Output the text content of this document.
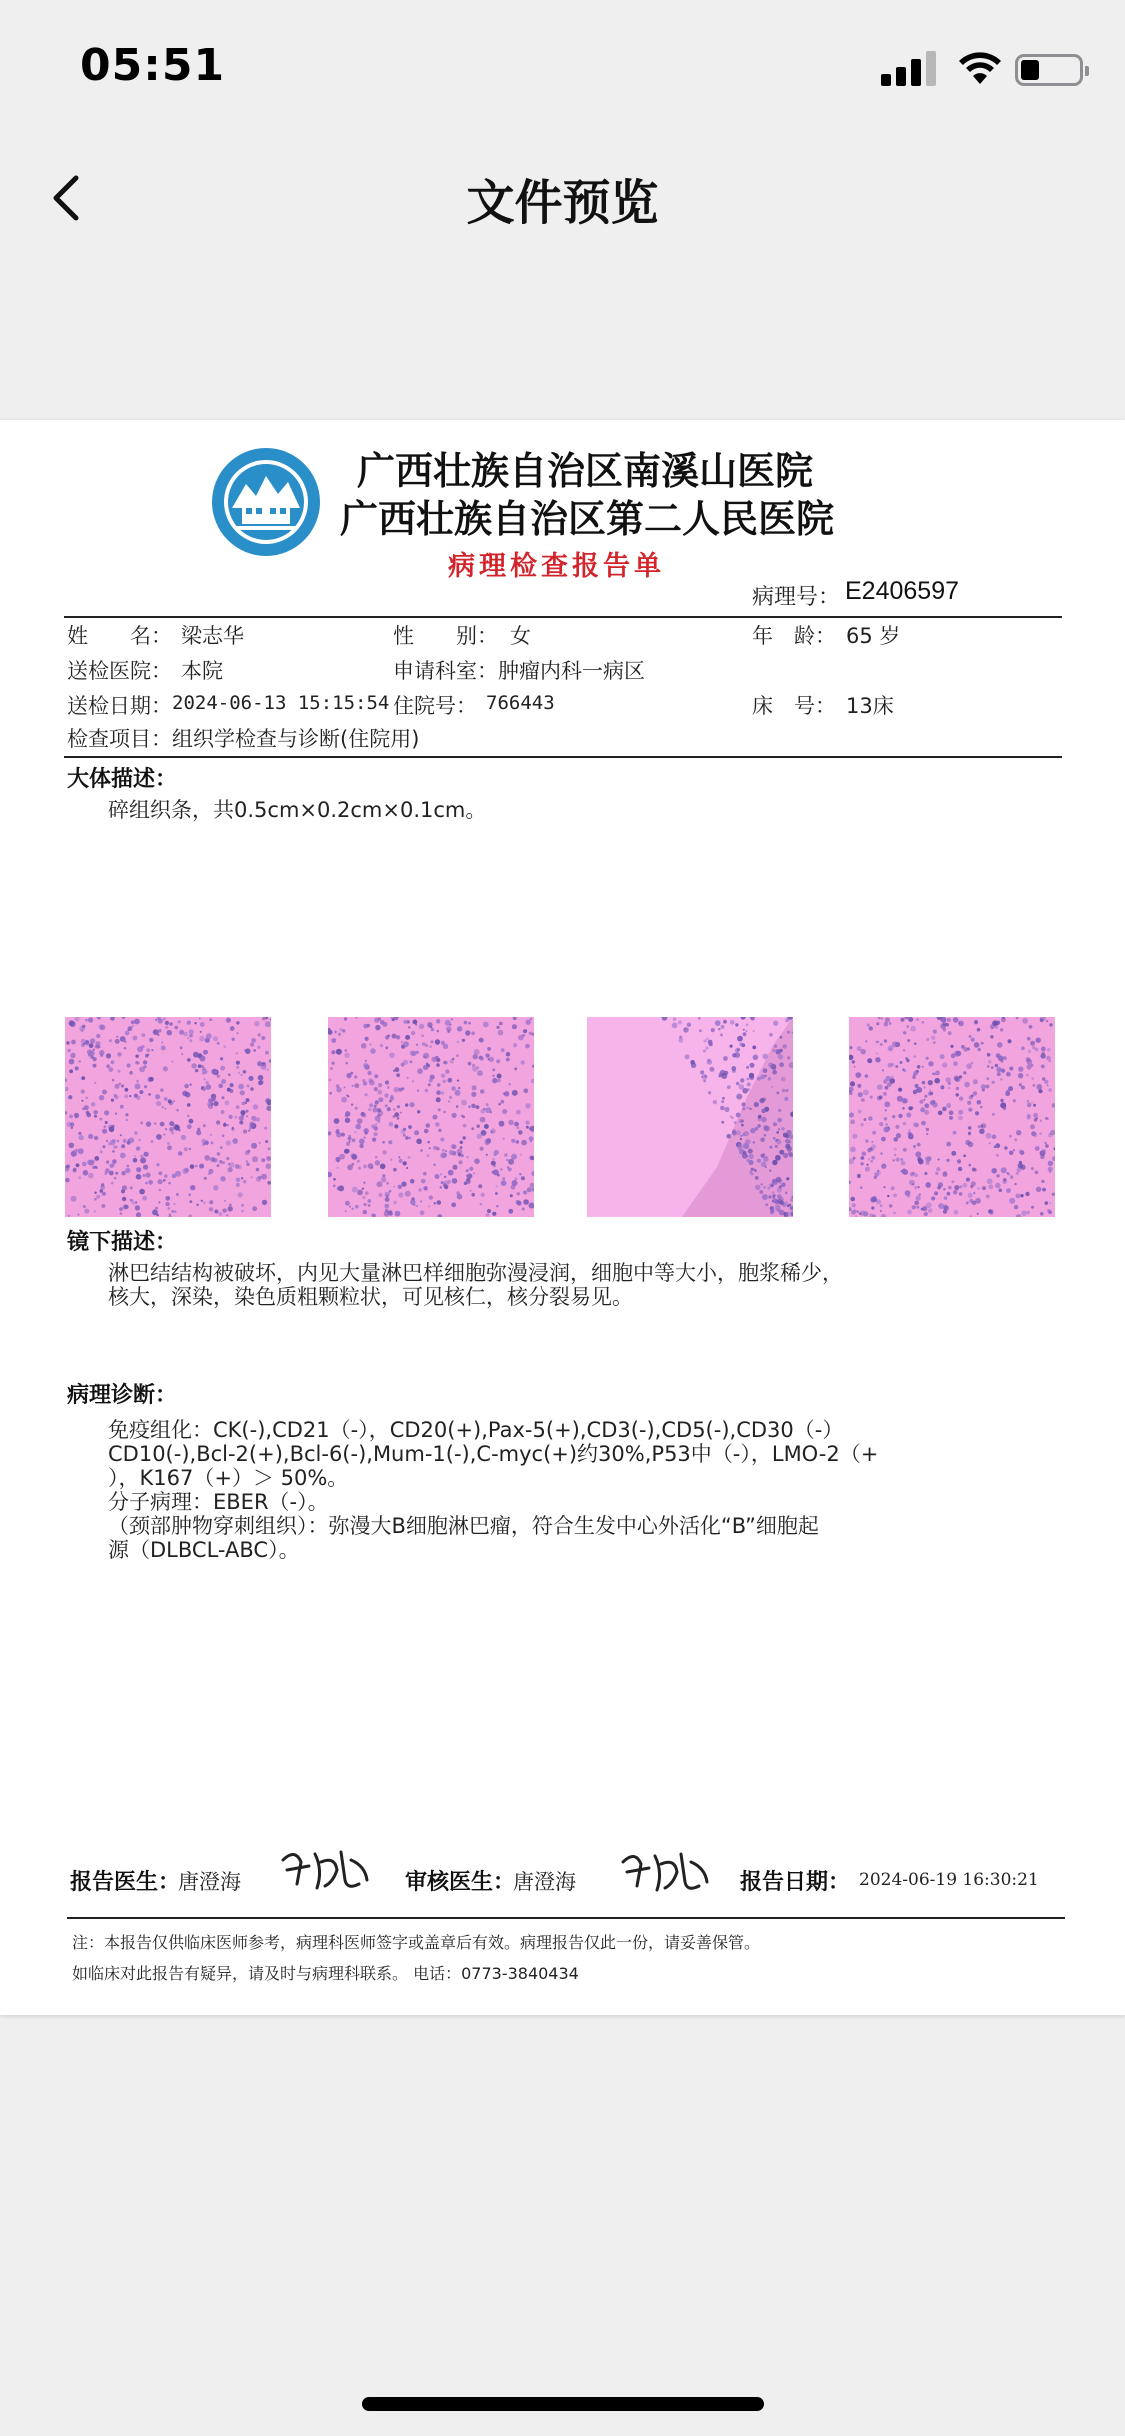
05:51
文件预览
广西壮族自治区南溪山医院
广西壮族自治区第二人民医院
病理检查报告单
病理号： E2406597
姓　　名： 梁志华	性　　别： 女	年　龄： 65 岁
送检医院： 本院	申请科室： 肿瘤内科一病区
送检日期： 2024-06-13 15:15:54 住院号： 766443	床　号： 13床
检查项目： 组织学检查与诊断(住院用)
大体描述：
碎组织条，共0.5cm×0.2cm×0.1cm。
镜下描述：
淋巴结结构被破坏，内见大量淋巴样细胞弥漫浸润，细胞中等大小，胞浆稀少，
核大，深染，染色质粗颗粒状，可见核仁，核分裂易见。
病理诊断：
免疫组化：CK(-),CD21（-），CD20(+),Pax-5(+),CD3(-),CD5(-),CD30（-）
CD10(-),Bcl-2(+),Bcl-6(-),Mum-1(-),C-myc(+)约30%,P53中（-），LMO-2（+
），K167（+）＞ 50%。
分子病理：EBER（-）。
（颈部肿物穿刺组织）：弥漫大B细胞淋巴瘤，符合生发中心外活化“B”细胞起
源（DLBCL-ABC）。
报告医生：
唐澄海	审核医生：
唐澄海	报告日期： 2024-06-19 16:30:21
注：本报告仅供临床医师参考，病理科医师签字或盖章后有效。病理报告仅此一份，请妥善保管。
如临床对此报告有疑异，请及时与病理科联系。 电话：0773-3840434
